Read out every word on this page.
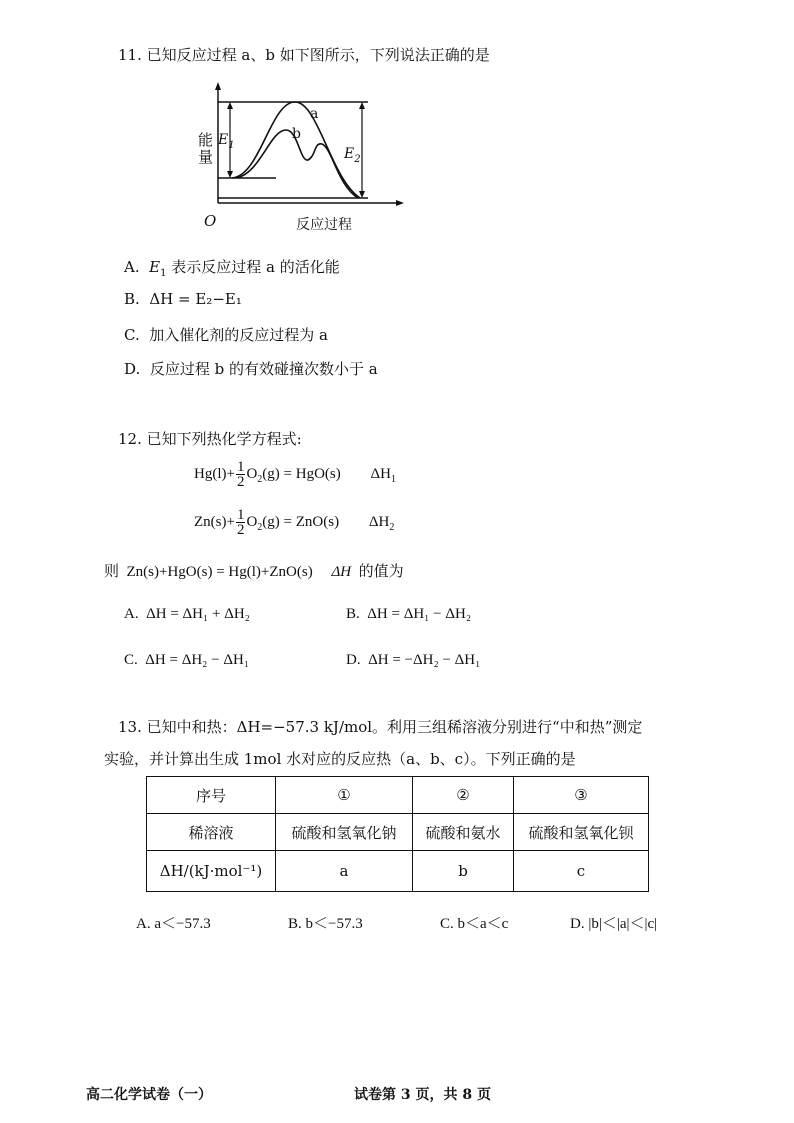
11. 已知反应过程 a、b 如下图所示，下列说法正确的是
能量
O	反应过程
a
b
$E_1$
$E_2$
A. $E_1$ 表示反应过程 a 的活化能
B. ΔH = E₂−E₁
C. 加入催化剂的反应过程为 a
D. 反应过程 b 的有效碰撞次数小于 a
12. 已知下列热化学方程式:
$Hg(l)+ \frac{1}{2} O_2(g) = HgO(s)$ $\Delta H_1$
$Zn(s)+ \frac{1}{2} O_2(g) = ZnO(s)$ $\Delta H_2$
则 Zn(s)+HgO(s) = Hg(l)+ZnO(s) ΔH 的值为
A. ΔH = ΔH₁ + ΔH₂	B. ΔH = ΔH₁ − ΔH₂
C. ΔH = ΔH₂ − ΔH₁	D. ΔH = −ΔH₂ − ΔH₁
13. 已知中和热：ΔH=−57.3 kJ/mol。利用三组稀溶液分别进行“中和热”测定
实验，并计算出生成 1mol 水对应的反应热（a、b、c）。下列正确的是
序号	①	②	③
稀溶液	硫酸和氢氧化钠	硫酸和氨水	硫酸和氢氧化钡
ΔH/(kJ·mol⁻¹)	a	b	c
A. a＜−57.3	B. b＜−57.3	C. b＜a＜c	D. |b|＜|a|＜|c|
高二化学试卷（一）	试卷第 3 页，共 8 页
